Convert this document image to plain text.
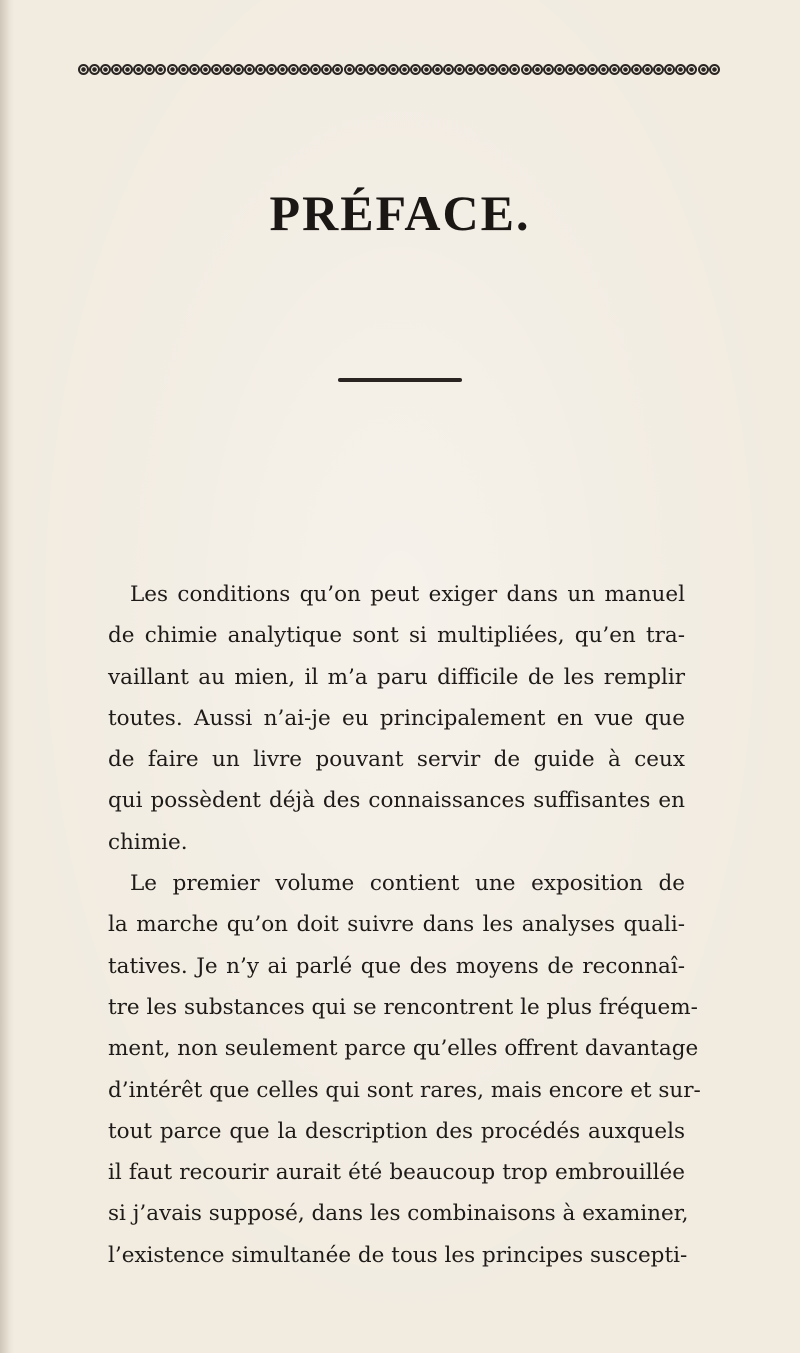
PRÉFACE.
Les conditions qu’on peut exiger dans un manuel
de chimie analytique sont si multipliées, qu’en tra-
vaillant au mien, il m’a paru difficile de les remplir
toutes. Aussi n’ai-je eu principalement en vue que
de faire un livre pouvant servir de guide à ceux
qui possèdent déjà des connaissances suffisantes en
chimie.
Le premier volume contient une exposition de
la marche qu’on doit suivre dans les analyses quali-
tatives. Je n’y ai parlé que des moyens de reconnaî-
tre les substances qui se rencontrent le plus fréquem-
ment, non seulement parce qu’elles offrent davantage
d’intérêt que celles qui sont rares, mais encore et sur-
tout parce que la description des procédés auxquels
il faut recourir aurait été beaucoup trop embrouillée
si j’avais supposé, dans les combinaisons à examiner,
l’existence simultanée de tous les principes suscepti-
